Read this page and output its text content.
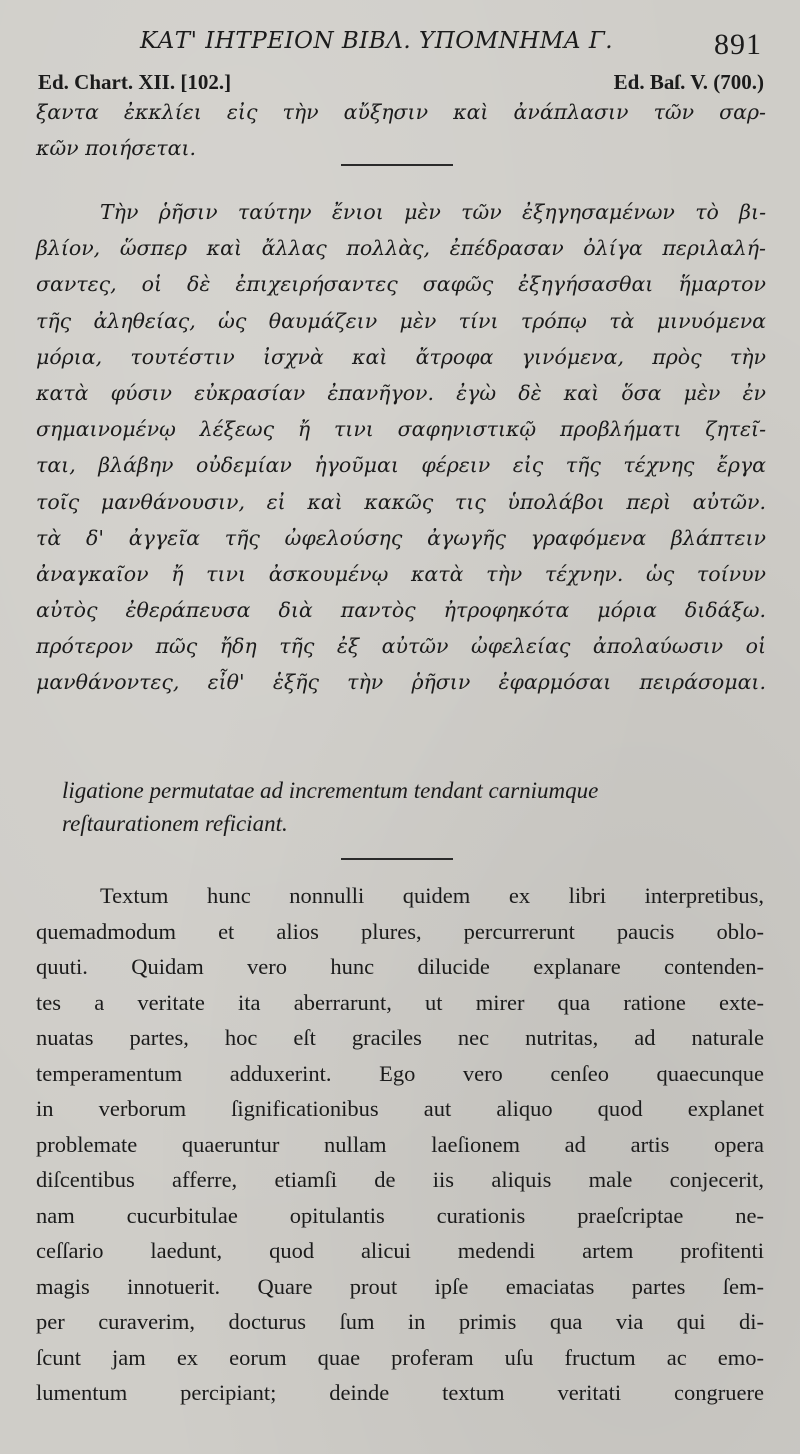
ΚΑΤ' ΙΗΤΡΕΙΟΝ ΒΙΒΛ. ΥΠΟΜΝΗΜΑ Γ.	891
Ed. Chart. XII. [102.]	Ed. Baſ. V. (700.)
ξαντα ἐκκλίει εἰς τὴν αὔξησιν καὶ ἀνάπλασιν τῶν σαρ-
κῶν ποιήσεται.
Τὴν ῥῆσιν ταύτην ἔνιοι μὲν τῶν ἐξηγησαμένων τὸ βι-
βλίον, ὥσπερ καὶ ἄλλας πολλὰς, ἐπέδρασαν ὀλίγα περιλαλή-
σαντες, οἱ δὲ ἐπιχειρήσαντες σαφῶς ἐξηγήσασθαι ἥμαρτον
τῆς ἀληθείας, ὡς θαυμάζειν μὲν τίνι τρόπῳ τὰ μινυόμενα
μόρια, τουτέστιν ἰσχνὰ καὶ ἄτροφα γινόμενα, πρὸς τὴν
κατὰ φύσιν εὐκρασίαν ἐπανῆγον. ἐγὼ δὲ καὶ ὅσα μὲν ἐν
σημαινομένῳ λέξεως ἤ τινι σαφηνιστικῷ προβλήματι ζητεῖ-
ται, βλάβην οὐδεμίαν ἡγοῦμαι φέρειν εἰς τῆς τέχνης ἔργα
τοῖς μανθάνουσιν, εἰ καὶ κακῶς τις ὑπολάβοι περὶ αὐτῶν.
τὰ δ' ἀγγεῖα τῆς ὠφελούσης ἀγωγῆς γραφόμενα βλάπτειν
ἀναγκαῖον ἤ τινι ἀσκουμένῳ κατὰ τὴν τέχνην. ὡς τοίνυν
αὐτὸς ἐθεράπευσα διὰ παντὸς ἠτροφηκότα μόρια διδάξω.
πρότερον πῶς ἤδη τῆς ἐξ αὐτῶν ὠφελείας ἀπολαύωσιν οἱ
μανθάνοντες, εἶθ' ἑξῆς τὴν ῥῆσιν ἐφαρμόσαι πειράσομαι.
ligatione permutatae ad incrementum tendant carniumque
reſtaurationem reficiant.
Textum hunc nonnulli quidem ex libri interpretibus,
quemadmodum et alios plures, percurrerunt paucis oblo-
quuti. Quidam vero hunc dilucide explanare contenden-
tes a veritate ita aberrarunt, ut mirer qua ratione exte-
nuatas partes, hoc eſt graciles nec nutritas, ad naturale
temperamentum adduxerint. Ego vero cenſeo quaecunque
in verborum ſignificationibus aut aliquo quod explanet
problemate quaeruntur nullam laeſionem ad artis opera
diſcentibus afferre, etiamſi de iis aliquis male conjecerit,
nam cucurbitulae opitulantis curationis praeſcriptae ne-
ceſſario laedunt, quod alicui medendi artem profitenti
magis innotuerit. Quare prout ipſe emaciatas partes ſem-
per curaverim, docturus ſum in primis qua via qui di-
ſcunt jam ex eorum quae proferam uſu fructum ac emo-
lumentum percipiant; deinde textum veritati congruere
